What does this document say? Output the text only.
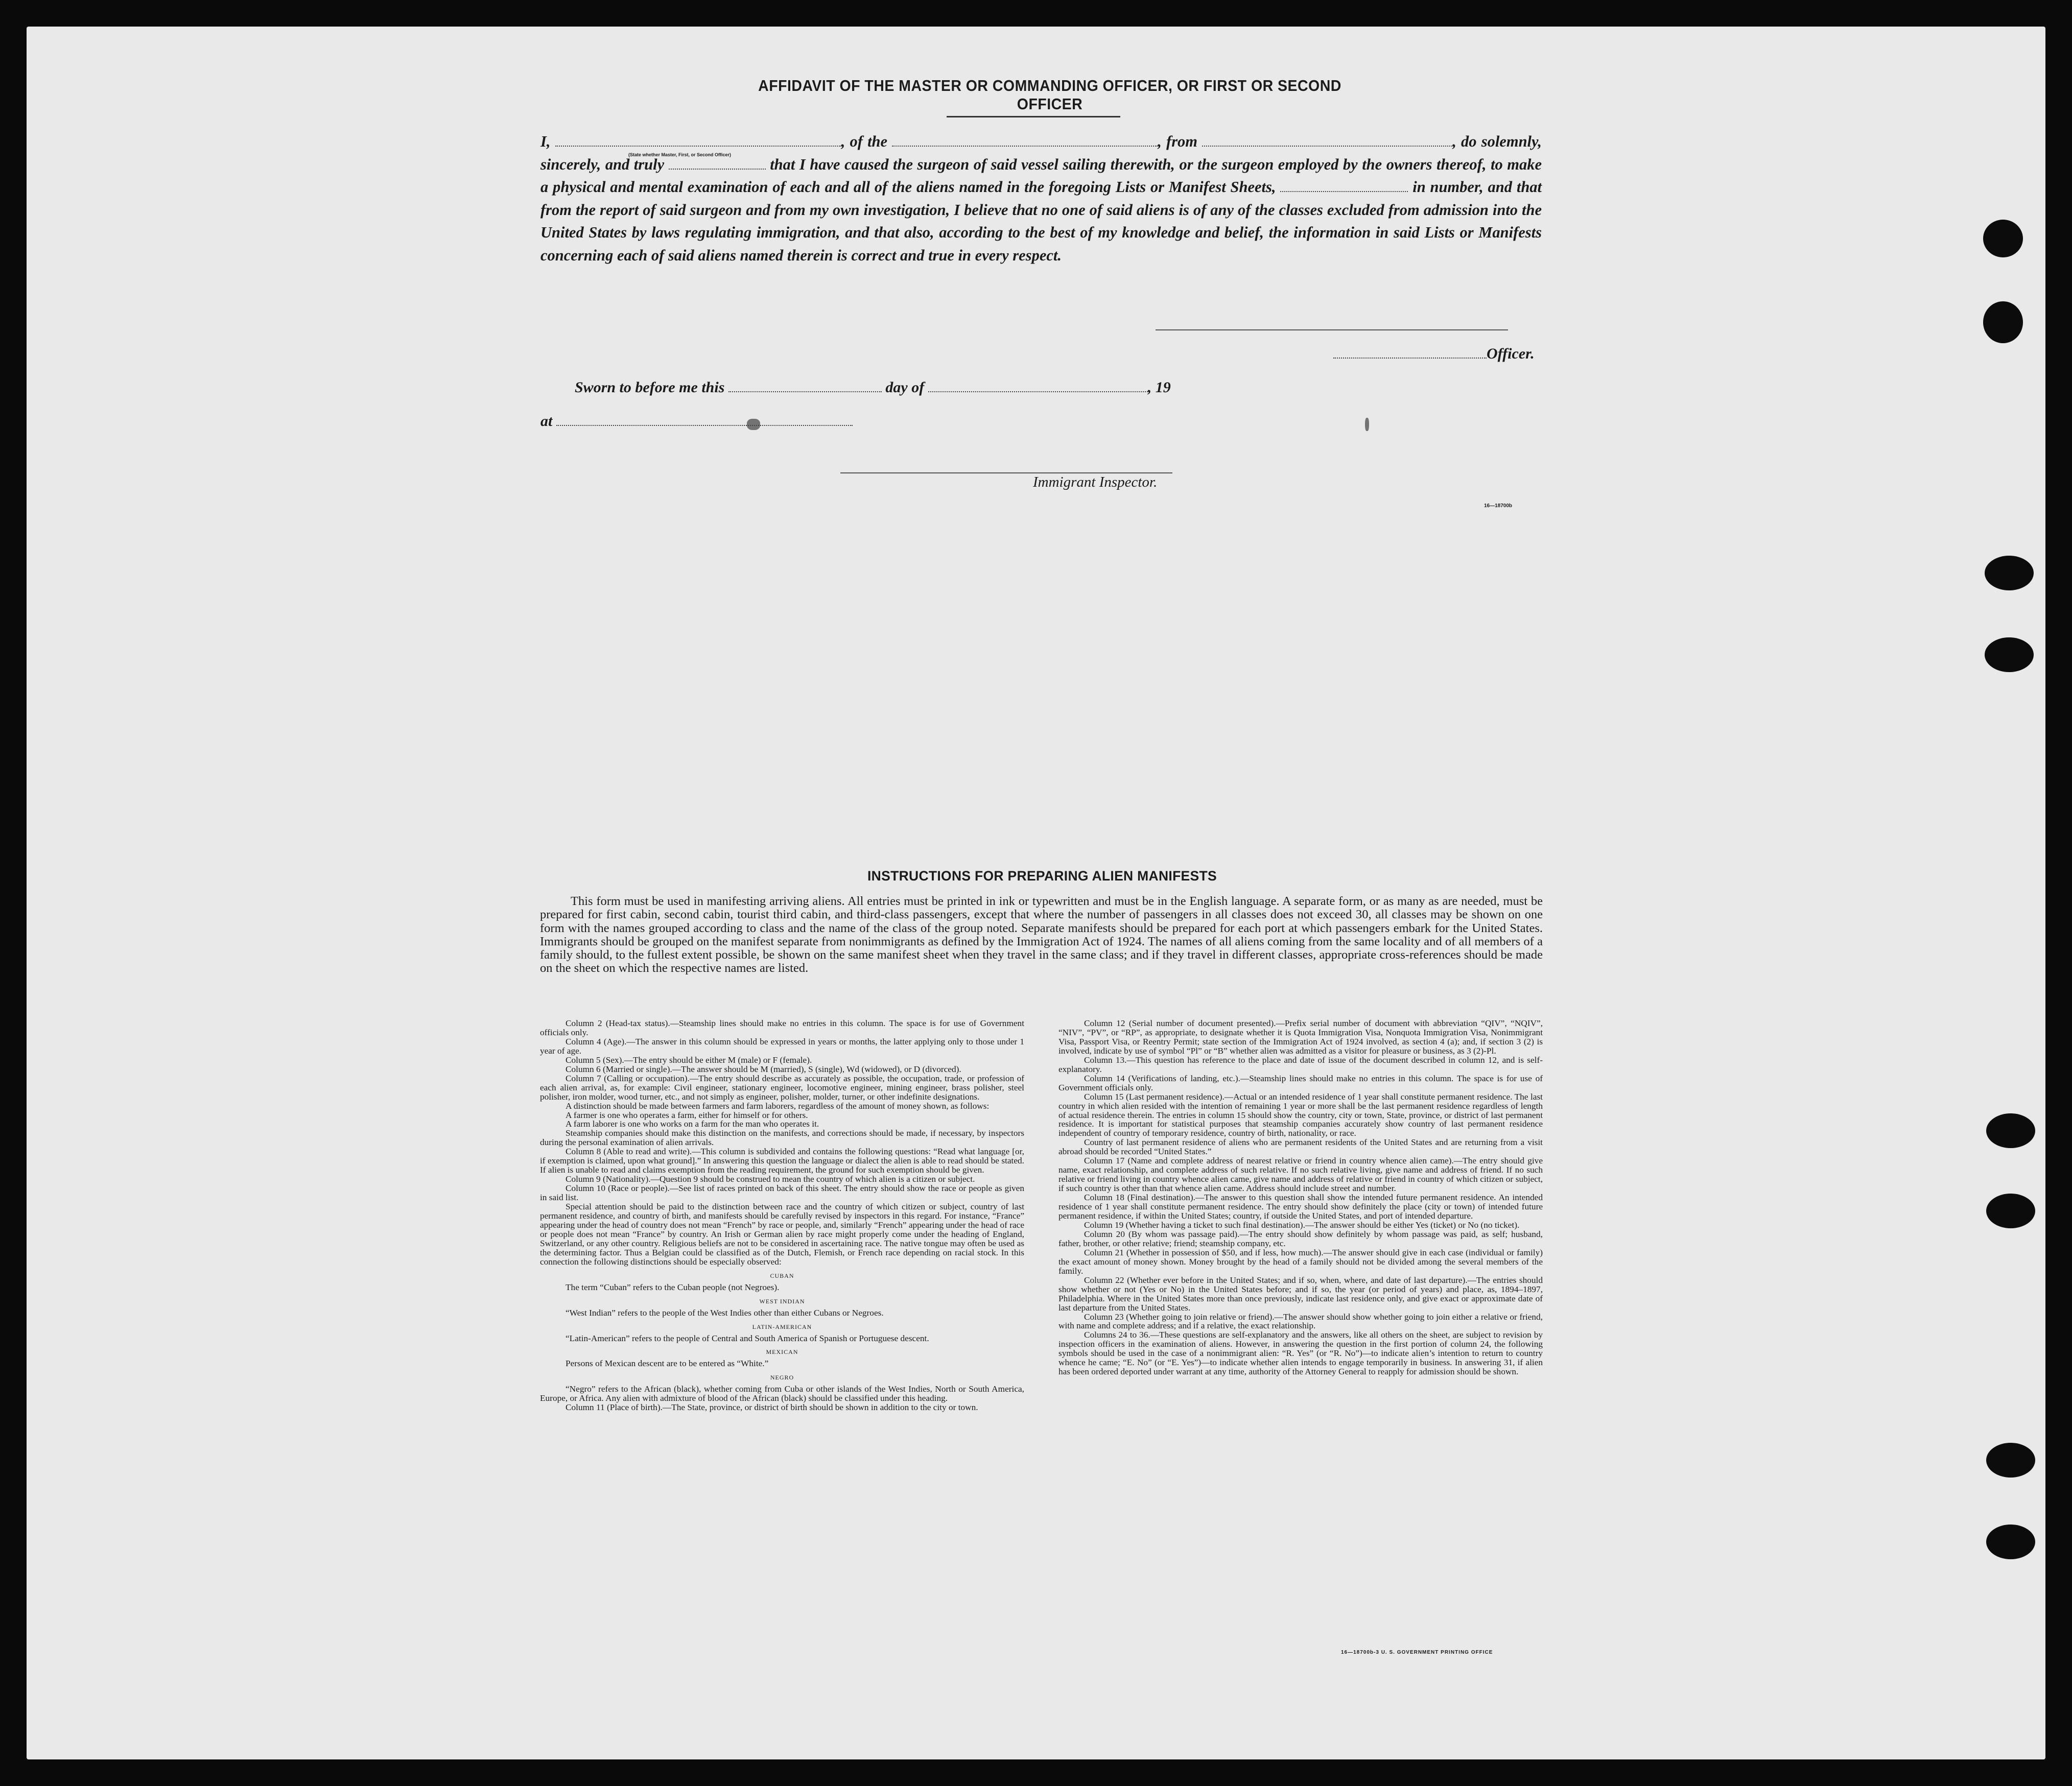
AFFIDAVIT OF THE MASTER OR COMMANDING OFFICER, OR FIRST OR SECOND OFFICER
I,	, of the	, from	, do solemnly, sincerely, and truly	that I have caused the surgeon of said vessel sailing therewith, or the surgeon employed by the owners thereof, to make a physical and mental examination of each and all of the aliens named in the foregoing Lists or Manifest Sheets,	in number, and that from the report of said surgeon and from my own investigation, I believe that no one of said aliens is of any of the classes excluded from admission into the United States by laws regulating immigration, and that also, according to the best of my knowledge and belief, the information in said Lists or Manifests concerning each of said aliens named therein is correct and true in every respect.
(State whether Master, First, or Second Officer)
Officer.
Sworn to before me this	day of	, 19
at
Immigrant Inspector.
16—18700b
INSTRUCTIONS FOR PREPARING ALIEN MANIFESTS
This form must be used in manifesting arriving aliens. All entries must be printed in ink or typewritten and must be in the English language. A separate form, or as many as are needed, must be prepared for first cabin, second cabin, tourist third cabin, and third-class passengers, except that where the number of passengers in all classes does not exceed 30, all classes may be shown on one form with the names grouped according to class and the name of the class of the group noted. Separate manifests should be prepared for each port at which passengers embark for the United States. Immigrants should be grouped on the manifest separate from nonimmigrants as defined by the Immigration Act of 1924. The names of all aliens coming from the same locality and of all members of a family should, to the fullest extent possible, be shown on the same manifest sheet when they travel in the same class; and if they travel in different classes, appropriate cross-references should be made on the sheet on which the respective names are listed.

Column 2 (Head-tax status).—Steamship lines should make no entries in this column. The space is for use of Government officials only.

Column 4 (Age).—The answer in this column should be expressed in years or months, the latter applying only to those under 1 year of age.

Column 5 (Sex).—The entry should be either M (male) or F (female).

Column 6 (Married or single).—The answer should be M (married), S (single), Wd (widowed), or D (divorced).

Column 7 (Calling or occupation).—The entry should describe as accurately as possible, the occupation, trade, or profession of each alien arrival, as, for example: Civil engineer, stationary engineer, locomotive engineer, mining engineer, brass polisher, steel polisher, iron molder, wood turner, etc., and not simply as engineer, polisher, molder, turner, or other indefinite designations.

A distinction should be made between farmers and farm laborers, regardless of the amount of money shown, as follows:

A farmer is one who operates a farm, either for himself or for others.

A farm laborer is one who works on a farm for the man who operates it.

Steamship companies should make this distinction on the manifests, and corrections should be made, if necessary, by inspectors during the personal examination of alien arrivals.

Column 8 (Able to read and write).—This column is subdivided and contains the following questions: “Read what language [or, if exemption is claimed, upon what ground].” In answering this question the language or dialect the alien is able to read should be stated. If alien is unable to read and claims exemption from the reading requirement, the ground for such exemption should be given.

Column 9 (Nationality).—Question 9 should be construed to mean the country of which alien is a citizen or subject.

Column 10 (Race or people).—See list of races printed on back of this sheet. The entry should show the race or people as given in said list.

Special attention should be paid to the distinction between race and the country of which citizen or subject, country of last permanent residence, and country of birth, and manifests should be carefully revised by inspectors in this regard. For instance, “France” appearing under the head of country does not mean “French” by race or people, and, similarly “French” appearing under the head of race or people does not mean “France” by country. An Irish or German alien by race might properly come under the heading of England, Switzerland, or any other country. Religious beliefs are not to be considered in ascertaining race. The native tongue may often be used as the determining factor. Thus a Belgian could be classified as of the Dutch, Flemish, or French race depending on racial stock. In this connection the following distinctions should be especially observed:

CUBAN

The term “Cuban” refers to the Cuban people (not Negroes).

WEST INDIAN

“West Indian” refers to the people of the West Indies other than either Cubans or Negroes.

LATIN-AMERICAN

“Latin-American” refers to the people of Central and South America of Spanish or Portuguese descent.

MEXICAN

Persons of Mexican descent are to be entered as “White.”

NEGRO

“Negro” refers to the African (black), whether coming from Cuba or other islands of the West Indies, North or South America, Europe, or Africa. Any alien with admixture of blood of the African (black) should be classified under this heading.

Column 11 (Place of birth).—The State, province, or district of birth should be shown in addition to the city or town.

Column 12 (Serial number of document presented).—Prefix serial number of document with abbreviation “QIV”, “NQIV”, “NIV”, “PV”, or “RP”, as appropriate, to designate whether it is Quota Immigration Visa, Nonquota Immigration Visa, Nonimmigrant Visa, Passport Visa, or Reentry Permit; state section of the Immigration Act of 1924 involved, as section 4 (a); and, if section 3 (2) is involved, indicate by use of symbol “Pl” or “B” whether alien was admitted as a visitor for pleasure or business, as 3 (2)-Pl.

Column 13.—This question has reference to the place and date of issue of the document described in column 12, and is self-explanatory.

Column 14 (Verifications of landing, etc.).—Steamship lines should make no entries in this column. The space is for use of Government officials only.

Column 15 (Last permanent residence).—Actual or an intended residence of 1 year shall constitute permanent residence. The last country in which alien resided with the intention of remaining 1 year or more shall be the last permanent residence regardless of length of actual residence therein. The entries in column 15 should show the country, city or town, State, province, or district of last permanent residence. It is important for statistical purposes that steamship companies accurately show country of last permanent residence independent of country of temporary residence, country of birth, nationality, or race.

Country of last permanent residence of aliens who are permanent residents of the United States and are returning from a visit abroad should be recorded “United States.”

Column 17 (Name and complete address of nearest relative or friend in country whence alien came).—The entry should give name, exact relationship, and complete address of such relative. If no such relative living, give name and address of friend. If no such relative or friend living in country whence alien came, give name and address of relative or friend in country of which citizen or subject, if such country is other than that whence alien came. Address should include street and number.

Column 18 (Final destination).—The answer to this question shall show the intended future permanent residence. An intended residence of 1 year shall constitute permanent residence. The entry should show definitely the place (city or town) of intended future permanent residence, if within the United States; country, if outside the United States, and port of intended departure.

Column 19 (Whether having a ticket to such final destination).—The answer should be either Yes (ticket) or No (no ticket).

Column 20 (By whom was passage paid).—The entry should show definitely by whom passage was paid, as self; husband, father, brother, or other relative; friend; steamship company, etc.

Column 21 (Whether in possession of $50, and if less, how much).—The answer should give in each case (individual or family) the exact amount of money shown. Money brought by the head of a family should not be divided among the several members of the family.

Column 22 (Whether ever before in the United States; and if so, when, where, and date of last departure).—The entries should show whether or not (Yes or No) in the United States before; and if so, the year (or period of years) and place, as, 1894–1897, Philadelphia. Where in the United States more than once previously, indicate last residence only, and give exact or approximate date of last departure from the United States.

Column 23 (Whether going to join relative or friend).—The answer should show whether going to join either a relative or friend, with name and complete address; and if a relative, the exact relationship.

Columns 24 to 36.—These questions are self-explanatory and the answers, like all others on the sheet, are subject to revision by inspection officers in the examination of aliens. However, in answering the question in the first portion of column 24, the following symbols should be used in the case of a nonimmigrant alien: “R. Yes” (or “R. No”)—to indicate alien’s intention to return to country whence he came; “E. No” (or “E. Yes”)—to indicate whether alien intends to engage temporarily in business. In answering 31, if alien has been ordered deported under warrant at any time, authority of the Attorney General to reapply for admission should be shown.

16—18700b-3 U. S. GOVERNMENT PRINTING OFFICE
